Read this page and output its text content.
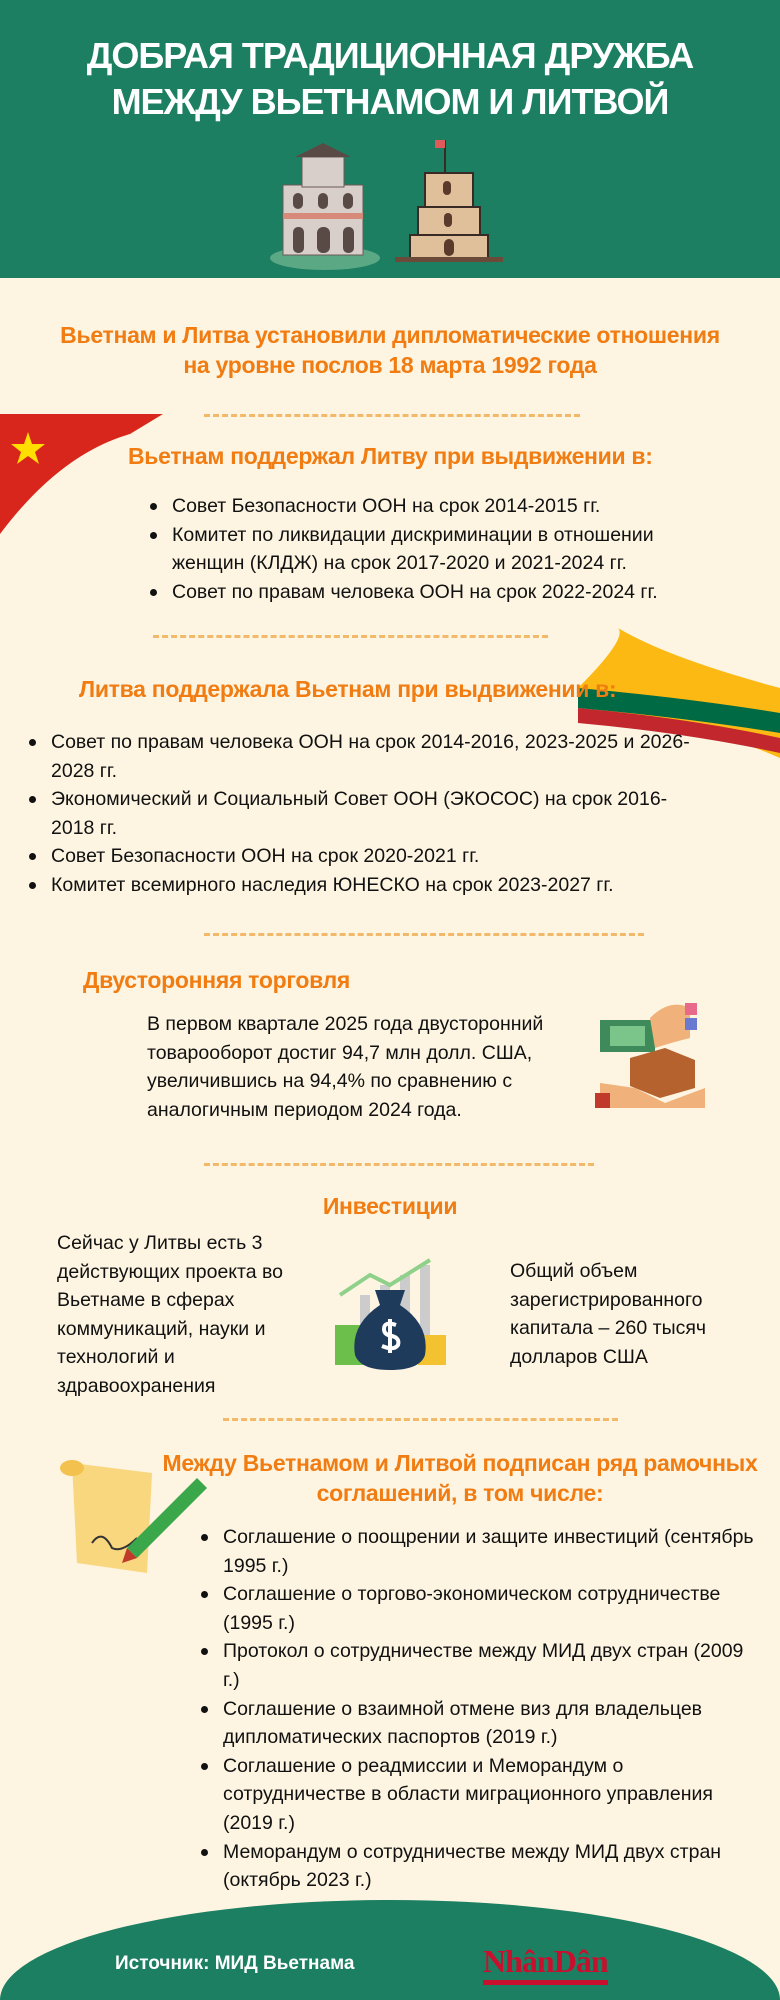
ДОБРАЯ ТРАДИЦИОННАЯ ДРУЖБА
МЕЖДУ ВЬЕТНАМОМ И ЛИТВОЙ
Вьетнам и Литва установили дипломатические отношения
на уровне послов 18 марта 1992 года
Вьетнам поддержал Литву при выдвижении в:
Совет Безопасности ООН на срок 2014-2015 гг.
Комитет по ликвидации дискриминации в отношении женщин (КЛДЖ) на срок 2017-2020 и 2021-2024 гг.
Совет по правам человека ООН на срок 2022-2024 гг.
Литва поддержала Вьетнам при выдвижении в:
Совет по правам человека ООН на срок 2014-2016, 2023-2025 и 2026-2028 гг.
Экономический и Социальный Совет ООН (ЭКОСОС) на срок 2016-2018 гг.
Совет Безопасности ООН на срок 2020-2021 гг.
Комитет всемирного наследия ЮНЕСКО на срок 2023-2027 гг.
Двусторонняя торговля
В первом квартале 2025 года двусторонний товарооборот достиг 94,7 млн долл. США, увеличившись на 94,4% по сравнению с аналогичным периодом 2024 года.
Инвестиции
Сейчас у Литвы есть 3 действующих проекта во Вьетнаме в сферах коммуникаций, науки и технологий и здравоохранения
Общий объем зарегистрированного капитала – 260 тысяч долларов США
Между Вьетнамом и Литвой подписан ряд рамочных
соглашений, в том числе:
Соглашение о поощрении и защите инвестиций (сентябрь 1995 г.)
Соглашение о торгово-экономическом сотрудничестве (1995 г.)
Протокол о сотрудничестве между МИД двух стран (2009 г.)
Соглашение о взаимной отмене виз для владельцев дипломатических паспортов (2019 г.)
Соглашение о реадмиссии и Меморандум о сотрудничестве в области миграционного управления (2019 г.)
Меморандум о сотрудничестве между МИД двух стран (октябрь 2023 г.)
Источник: МИД Вьетнама	NhânDân
